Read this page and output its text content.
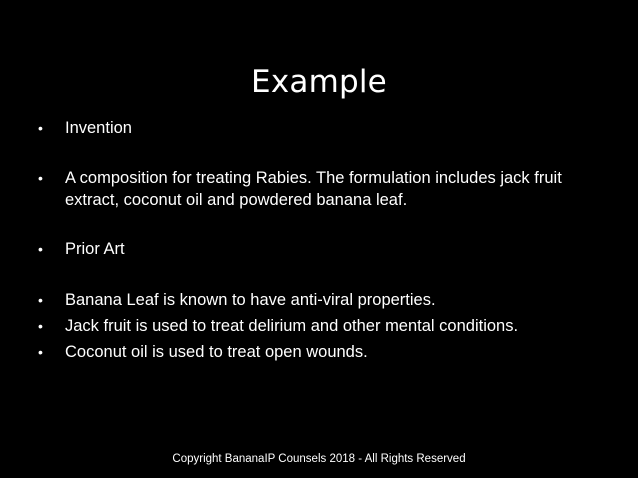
Example
•	Invention
•	A composition for treating Rabies. The formulation includes jack fruit extract, coconut oil and powdered banana leaf.
•	Prior Art
•	Banana Leaf is known to have anti-viral properties.
•	Jack fruit is used to treat delirium and other mental conditions.
•	Coconut oil is used to treat open wounds.
Copyright BananaIP Counsels 2018 - All Rights Reserved
